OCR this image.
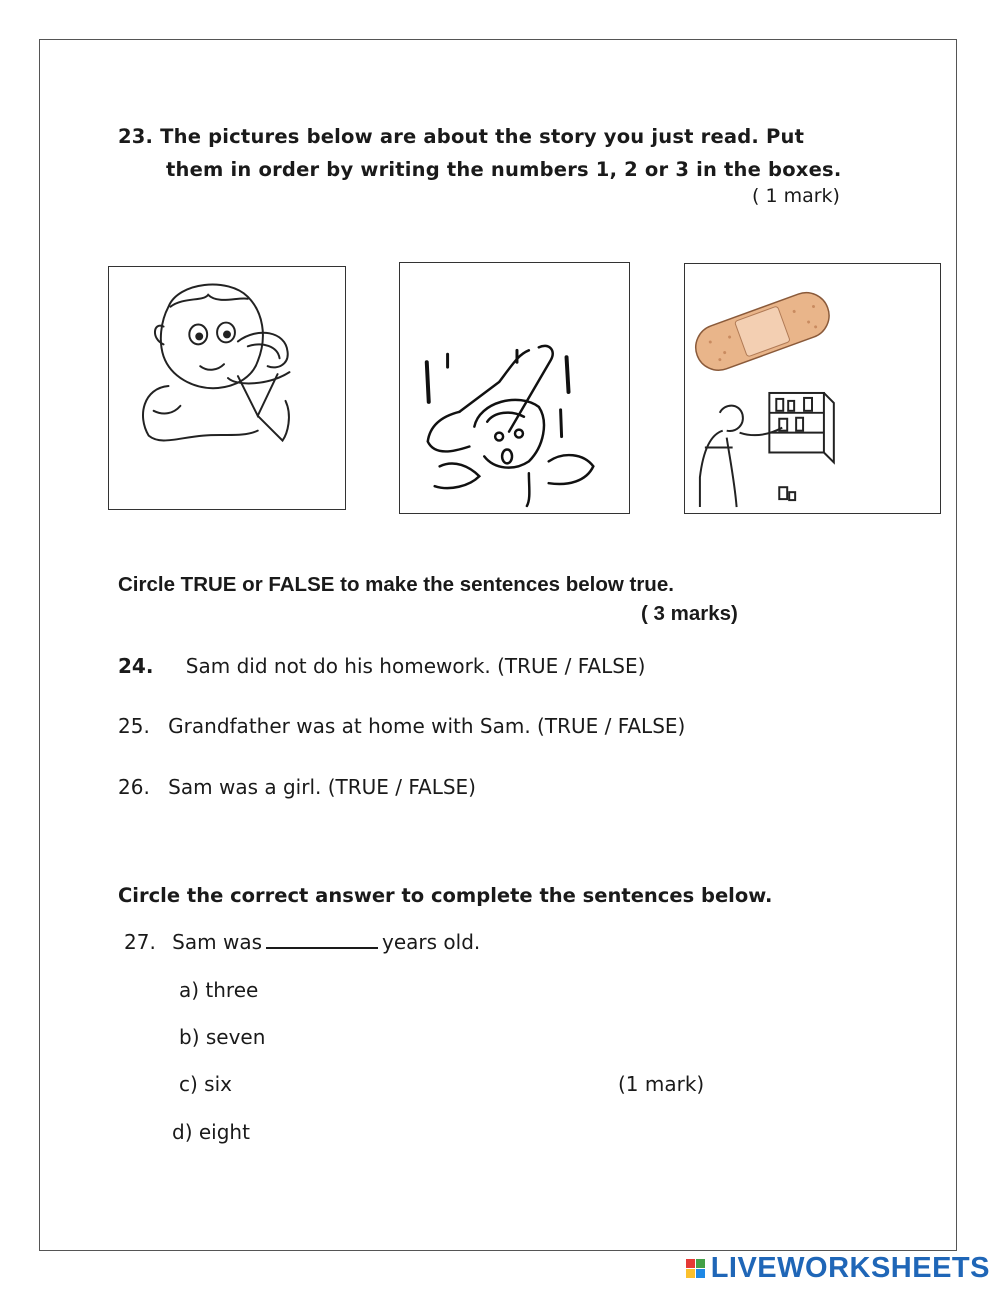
23. The pictures below are about the story you just read. Put
them in order by writing the numbers 1, 2 or 3 in the boxes.
( 1 mark)
Circle TRUE or FALSE to make the sentences below true.
( 3 marks)
24. Sam did not do his homework. (TRUE / FALSE)
25. Grandfather was at home with Sam. (TRUE / FALSE)
26. Sam was a girl. (TRUE / FALSE)
Circle the correct answer to complete the sentences below.
27. Sam was	years old.
a) three
b) seven
c) six	(1 mark)
d) eight
LIVEWORKSHEETS
